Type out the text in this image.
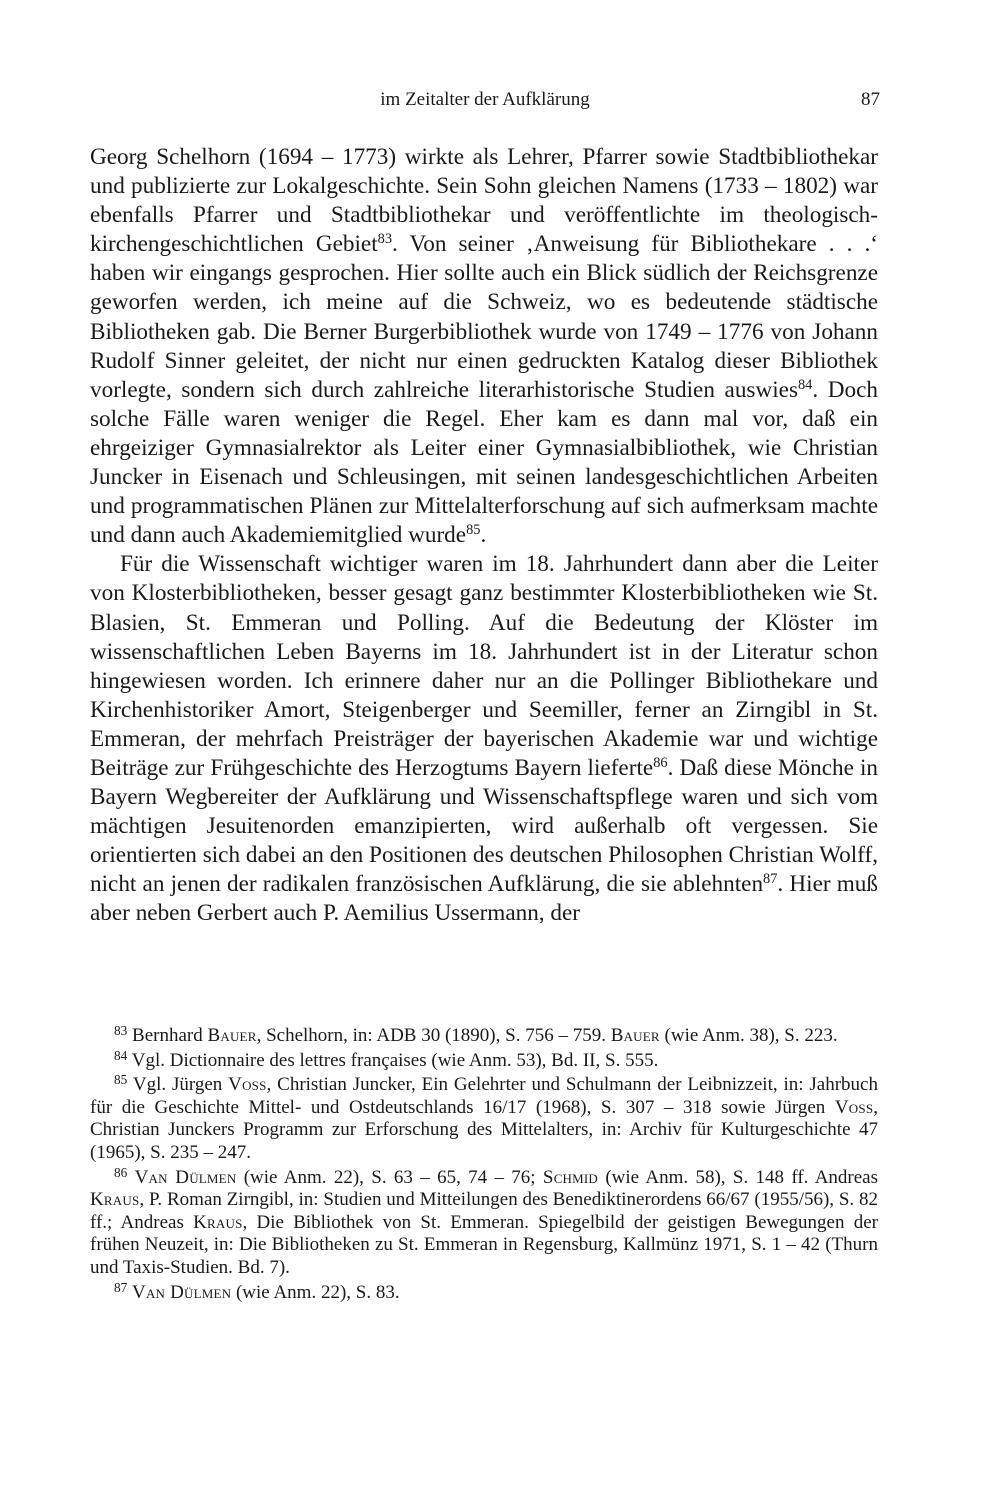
im Zeitalter der Aufklärung	87

Georg Schelhorn (1694 – 1773) wirkte als Lehrer, Pfarrer sowie Stadtbibliothekar und publizierte zur Lokalgeschichte. Sein Sohn gleichen Namens (1733 – 1802) war ebenfalls Pfarrer und Stadtbibliothekar und veröffentlichte im theologisch-kirchengeschichtlichen Gebiet$^{83}$. Von seiner ‚Anweisung für Bibliothekare . . .‘ haben wir eingangs gesprochen. Hier sollte auch ein Blick südlich der Reichsgrenze geworfen werden, ich meine auf die Schweiz, wo es bedeutende städtische Bibliotheken gab. Die Berner Burgerbibliothek wurde von 1749 – 1776 von Johann Rudolf Sinner geleitet, der nicht nur einen gedruckten Katalog dieser Bibliothek vorlegte, sondern sich durch zahlreiche literarhistorische Studien auswies$^{84}$. Doch solche Fälle waren weniger die Regel. Eher kam es dann mal vor, daß ein ehrgeiziger Gymnasialrektor als Leiter einer Gymnasialbibliothek, wie Christian Juncker in Eisenach und Schleusingen, mit seinen landesgeschichtlichen Arbeiten und programmatischen Plänen zur Mittelalterforschung auf sich aufmerksam machte und dann auch Akademiemitglied wurde$^{85}$.

Für die Wissenschaft wichtiger waren im 18. Jahrhundert dann aber die Leiter von Klosterbibliotheken, besser gesagt ganz bestimmter Klosterbibliotheken wie St. Blasien, St. Emmeran und Polling. Auf die Bedeutung der Klöster im wissenschaftlichen Leben Bayerns im 18. Jahrhundert ist in der Literatur schon hingewiesen worden. Ich erinnere daher nur an die Pollinger Bibliothekare und Kirchenhistoriker Amort, Steigenberger und Seemiller, ferner an Zirngibl in St. Emmeran, der mehrfach Preisträger der bayerischen Akademie war und wichtige Beiträge zur Frühgeschichte des Herzogtums Bayern lieferte$^{86}$. Daß diese Mönche in Bayern Wegbereiter der Aufklärung und Wissenschaftspflege waren und sich vom mächtigen Jesuitenorden emanzipierten, wird außerhalb oft vergessen. Sie orientierten sich dabei an den Positionen des deutschen Philosophen Christian Wolff, nicht an jenen der radikalen französischen Aufklärung, die sie ablehnten$^{87}$. Hier muß aber neben Gerbert auch P. Aemilius Ussermann, der

$^{83}$ Bernhard Bauer, Schelhorn, in: ADB 30 (1890), S. 756 – 759. Bauer (wie Anm. 38), S. 223.

$^{84}$ Vgl. Dictionnaire des lettres françaises (wie Anm. 53), Bd. II, S. 555.

$^{85}$ Vgl. Jürgen Voss, Christian Juncker, Ein Gelehrter und Schulmann der Leibnizzeit, in: Jahrbuch für die Geschichte Mittel- und Ostdeutschlands 16/17 (1968), S. 307 – 318 sowie Jürgen Voss, Christian Junckers Programm zur Erforschung des Mittelalters, in: Archiv für Kulturgeschichte 47 (1965), S. 235 – 247.

$^{86}$ Van Dülmen (wie Anm. 22), S. 63 – 65, 74 – 76; Schmid (wie Anm. 58), S. 148 ff. Andreas Kraus, P. Roman Zirngibl, in: Studien und Mitteilungen des Benediktinerordens 66/67 (1955/56), S. 82 ff.; Andreas Kraus, Die Bibliothek von St. Emmeran. Spiegelbild der geistigen Bewegungen der frühen Neuzeit, in: Die Bibliotheken zu St. Emmeran in Regensburg, Kallmünz 1971, S. 1 – 42 (Thurn und Taxis-Studien. Bd. 7).

$^{87}$ Van Dülmen (wie Anm. 22), S. 83.
